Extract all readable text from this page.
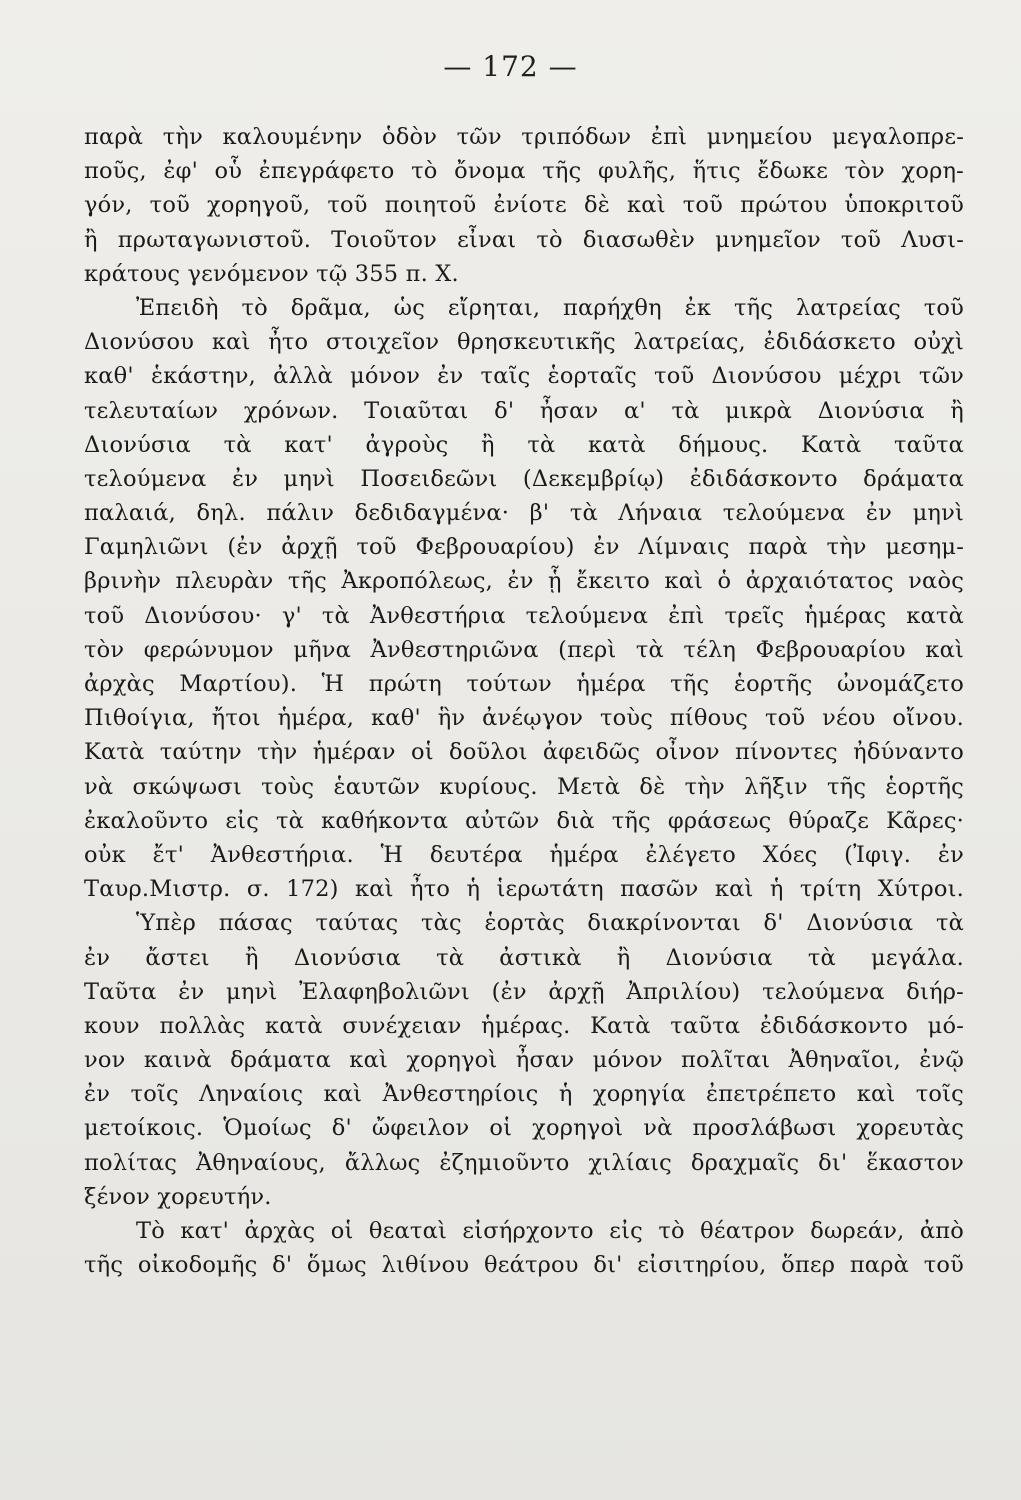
— 172 —
παρὰ τὴν καλουμένην ὁδὸν τῶν τριπόδων ἐπὶ μνημείου μεγαλοπρε-
ποῦς, ἐφ' οὗ ἐπεγράφετο τὸ ὄνομα τῆς φυλῆς, ἥτις ἔδωκε τὸν χορη-
γόν, τοῦ χορηγοῦ, τοῦ ποιητοῦ ἐνίοτε δὲ καὶ τοῦ πρώτου ὑποκριτοῦ
ἢ πρωταγωνιστοῦ. Τοιοῦτον εἶναι τὸ διασωθὲν μνημεῖον τοῦ Λυσι-
κράτους γενόμενον τῷ 355 π. Χ.
Ἐπειδὴ τὸ δρᾶμα, ὡς εἴρηται, παρήχθη ἐκ τῆς λατρείας τοῦ
Διονύσου καὶ ἦτο στοιχεῖον θρησκευτικῆς λατρείας, ἐδιδάσκετο οὐχὶ
καθ' ἑκάστην, ἀλλὰ μόνον ἐν ταῖς ἑορταῖς τοῦ Διονύσου μέχρι τῶν
τελευταίων χρόνων. Τοιαῦται δ' ἦσαν α' τὰ μικρὰ Διονύσια ἢ
Διονύσια τὰ κατ' ἀγροὺς ἢ τὰ κατὰ δήμους. Κατὰ ταῦτα
τελούμενα ἐν μηνὶ Ποσειδεῶνι (Δεκεμβρίῳ) ἐδιδάσκοντο δράματα
παλαιά, δηλ. πάλιν δεδιδαγμένα· β' τὰ Λήναια τελούμενα ἐν μηνὶ
Γαμηλιῶνι (ἐν ἀρχῇ τοῦ Φεβρουαρίου) ἐν Λίμναις παρὰ τὴν μεσημ-
βρινὴν πλευρὰν τῆς Ἀκροπόλεως, ἐν ᾗ ἔκειτο καὶ ὁ ἀρχαιότατος ναὸς
τοῦ Διονύσου· γ' τὰ Ἀνθεστήρια τελούμενα ἐπὶ τρεῖς ἡμέρας κατὰ
τὸν φερώνυμον μῆνα Ἀνθεστηριῶνα (περὶ τὰ τέλη Φεβρουαρίου καὶ
ἀρχὰς Μαρτίου). Ἡ πρώτη τούτων ἡμέρα τῆς ἑορτῆς ὠνομάζετο
Πιθοίγια, ἤτοι ἡμέρα, καθ' ἣν ἀνέῳγον τοὺς πίθους τοῦ νέου οἴνου.
Κατὰ ταύτην τὴν ἡμέραν οἱ δοῦλοι ἀφειδῶς οἶνον πίνοντες ἠδύναντο
νὰ σκώψωσι τοὺς ἑαυτῶν κυρίους. Μετὰ δὲ τὴν λῆξιν τῆς ἑορτῆς
ἐκαλοῦντο εἰς τὰ καθήκοντα αὐτῶν διὰ τῆς φράσεως θύραζε Κᾶρες·
οὐκ ἔτ' Ἀνθεστήρια. Ἡ δευτέρα ἡμέρα ἐλέγετο Χόες (Ἰφιγ. ἐν
Ταυρ.Μιστρ. σ. 172) καὶ ἦτο ἡ ἱερωτάτη πασῶν καὶ ἡ τρίτη Χύτροι.
Ὑπὲρ πάσας ταύτας τὰς ἑορτὰς διακρίνονται δ' Διονύσια τὰ
ἐν ἄστει ἢ Διονύσια τὰ ἀστικὰ ἢ Διονύσια τὰ μεγάλα.
Ταῦτα ἐν μηνὶ Ἐλαφηβολιῶνι (ἐν ἀρχῇ Ἀπριλίου) τελούμενα διήρ-
κουν πολλὰς κατὰ συνέχειαν ἡμέρας. Κατὰ ταῦτα ἐδιδάσκοντο μό-
νον καινὰ δράματα καὶ χορηγοὶ ἦσαν μόνον πολῖται Ἀθηναῖοι, ἐνῷ
ἐν τοῖς Ληναίοις καὶ Ἀνθεστηρίοις ἡ χορηγία ἐπετρέπετο καὶ τοῖς
μετοίκοις. Ὁμοίως δ' ὤφειλον οἱ χορηγοὶ νὰ προσλάβωσι χορευτὰς
πολίτας Ἀθηναίους, ἄλλως ἐζημιοῦντο χιλίαις δραχμαῖς δι' ἕκαστον
ξένον χορευτήν.
Τὸ κατ' ἀρχὰς οἱ θεαταὶ εἰσήρχοντο εἰς τὸ θέατρον δωρεάν, ἀπὸ
τῆς οἰκοδομῆς δ' ὅμως λιθίνου θεάτρου δι' εἰσιτηρίου, ὅπερ παρὰ τοῦ
